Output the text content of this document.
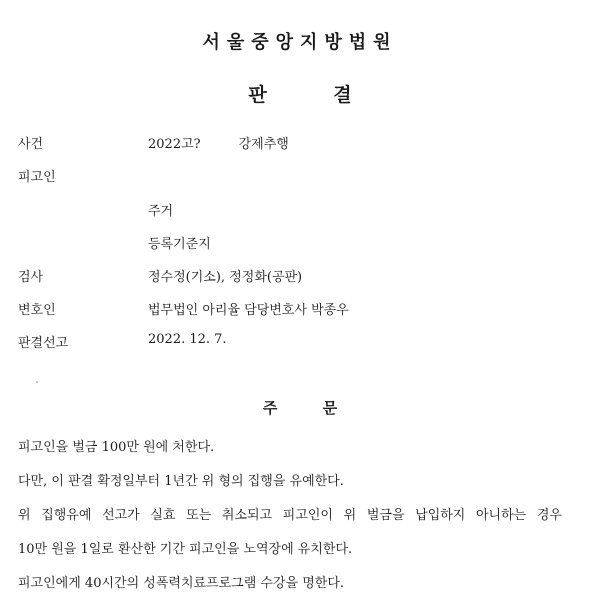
서울중앙지방법원
판 결
사건	2022고?	강제추행
피고인
주거
등록기준지
검사	정수정(기소), 정정화(공판)
변호인	법무법인 아리율 담당변호사 박종우
판결선고	2022. 12. 7.
주 문
피고인을 벌금 100만 원에 처한다.
다만, 이 판결 확정일부터 1년간 위 형의 집행을 유예한다.
위 집행유예 선고가 실효 또는 취소되고 피고인이 위 벌금을 납입하지 아니하는 경우
10만 원을 1일로 환산한 기간 피고인을 노역장에 유치한다.
피고인에게 40시간의 성폭력치료프로그램 수강을 명한다.
